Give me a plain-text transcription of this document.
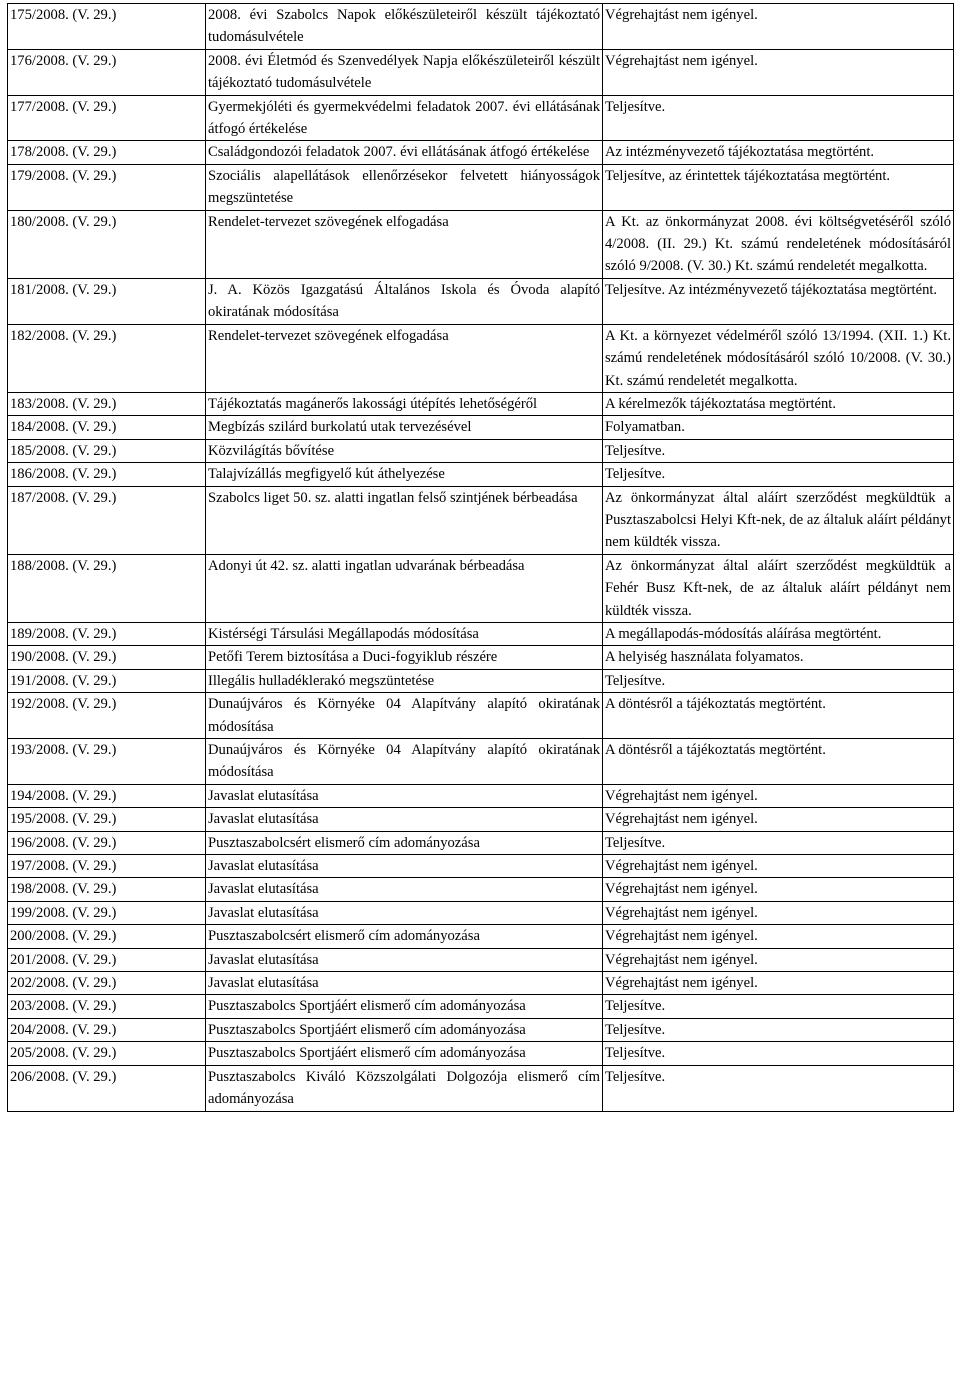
175/2008. (V. 29.)	2008. évi Szabolcs Napok előkészületeiről készült tájékoztató tudomásulvétele	Végrehajtást nem igényel.
176/2008. (V. 29.)	2008. évi Életmód és Szenvedélyek Napja előkészületeiről készült tájékoztató tudomásulvétele	Végrehajtást nem igényel.
177/2008. (V. 29.)	Gyermekjóléti és gyermekvédelmi feladatok 2007. évi ellátásának átfogó értékelése	Teljesítve.
178/2008. (V. 29.)	Családgondozói feladatok 2007. évi ellátásának átfogó értékelése	Az intézményvezető tájékoztatása megtörtént.
179/2008. (V. 29.)	Szociális alapellátások ellenőrzésekor felvetett hiányosságok megszüntetése	Teljesítve, az érintettek tájékoztatása megtörtént.
180/2008. (V. 29.)	Rendelet-tervezet szövegének elfogadása	A Kt. az önkormányzat 2008. évi költségvetéséről szóló 4/2008. (II. 29.) Kt. számú rendeletének módosításáról szóló 9/2008. (V. 30.) Kt. számú rendeletét megalkotta.
181/2008. (V. 29.)	J. A. Közös Igazgatású Általános Iskola és Óvoda alapító okiratának módosítása	Teljesítve. Az intézményvezető tájékoztatása megtörtént.
182/2008. (V. 29.)	Rendelet-tervezet szövegének elfogadása	A Kt. a környezet védelméről szóló 13/1994. (XII. 1.) Kt. számú rendeletének módosításáról szóló 10/2008. (V. 30.) Kt. számú rendeletét megalkotta.
183/2008. (V. 29.)	Tájékoztatás magánerős lakossági útépítés lehetőségéről	A kérelmezők tájékoztatása megtörtént.
184/2008. (V. 29.)	Megbízás szilárd burkolatú utak tervezésével	Folyamatban.
185/2008. (V. 29.)	Közvilágítás bővítése	Teljesítve.
186/2008. (V. 29.)	Talajvízállás megfigyelő kút áthelyezése	Teljesítve.
187/2008. (V. 29.)	Szabolcs liget 50. sz. alatti ingatlan felső szintjének bérbeadása	Az önkormányzat által aláírt szerződést megküldtük a Pusztaszabolcsi Helyi Kft-nek, de az általuk aláírt példányt nem küldték vissza.
188/2008. (V. 29.)	Adonyi út 42. sz. alatti ingatlan udvarának bérbeadása	Az önkormányzat által aláírt szerződést megküldtük a Fehér Busz Kft-nek, de az általuk aláírt példányt nem küldték vissza.
189/2008. (V. 29.)	Kistérségi Társulási Megállapodás módosítása	A megállapodás-módosítás aláírása megtörtént.
190/2008. (V. 29.)	Petőfi Terem biztosítása a Duci-fogyiklub részére	A helyiség használata folyamatos.
191/2008. (V. 29.)	Illegális hulladéklerakó megszüntetése	Teljesítve.
192/2008. (V. 29.)	Dunaújváros és Környéke 04 Alapítvány alapító okiratának módosítása	A döntésről a tájékoztatás megtörtént.
193/2008. (V. 29.)	Dunaújváros és Környéke 04 Alapítvány alapító okiratának módosítása	A döntésről a tájékoztatás megtörtént.
194/2008. (V. 29.)	Javaslat elutasítása	Végrehajtást nem igényel.
195/2008. (V. 29.)	Javaslat elutasítása	Végrehajtást nem igényel.
196/2008. (V. 29.)	Pusztaszabolcsért elismerő cím adományozása	Teljesítve.
197/2008. (V. 29.)	Javaslat elutasítása	Végrehajtást nem igényel.
198/2008. (V. 29.)	Javaslat elutasítása	Végrehajtást nem igényel.
199/2008. (V. 29.)	Javaslat elutasítása	Végrehajtást nem igényel.
200/2008. (V. 29.)	Pusztaszabolcsért elismerő cím adományozása	Végrehajtást nem igényel.
201/2008. (V. 29.)	Javaslat elutasítása	Végrehajtást nem igényel.
202/2008. (V. 29.)	Javaslat elutasítása	Végrehajtást nem igényel.
203/2008. (V. 29.)	Pusztaszabolcs Sportjáért elismerő cím adományozása	Teljesítve.
204/2008. (V. 29.)	Pusztaszabolcs Sportjáért elismerő cím adományozása	Teljesítve.
205/2008. (V. 29.)	Pusztaszabolcs Sportjáért elismerő cím adományozása	Teljesítve.
206/2008. (V. 29.)	Pusztaszabolcs Kiváló Közszolgálati Dolgozója elismerő cím adományozása	Teljesítve.
